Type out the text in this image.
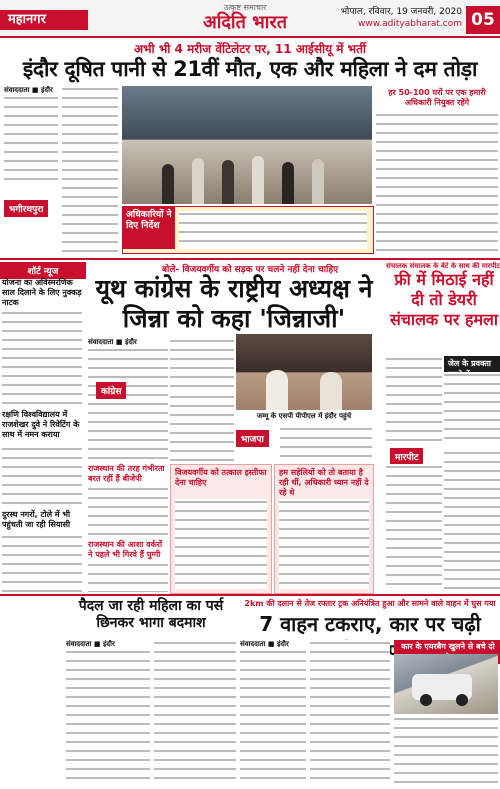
महानगर
उत्कृष्ट समाचार
अदिति भारत	भोपाल, रविवार, 19 जनवरी, 2020
www.adityabharat.com 05
अभी भी 4 मरीज वेंटिलेटर पर, 11 आईसीयू में भर्ती
इंदौर दूषित पानी से 21वीं मौत, एक और महिला ने दम तोड़ा
संवाददाता ■ इंदौर
भगीरथपुरा	अधिकारियों ने दिए निर्देश
हर 50-100 घरों पर एक हमारी अधिकारी नियुक्त रहेंगे
शॉर्ट न्यूज
योजना का अविस्मरणिक साल दिलाने के लिए नुक्कड़ नाटक
रक्षणि विश्वविद्यालय में राजशेखर दुवे ने रिवेटिंग के साथ में नमन कराया
दुरस्थ नगरों, टोले में भी पहुंचती जा रही सियासी
बोले- विजयवर्गीय को सड़क पर चलने नहीं देना चाहिए
यूथ कांग्रेस के राष्ट्रीय अध्यक्ष ने जिन्ना को कहा 'जिन्नाजी'
संवाददाता ■ इंदौर
कांग्रेस
जम्मू के एसपी पीपीएल में इंदौर पहुंचे
राजस्थान की तरह गंभीरता बरत रहीं हैं बीजेपी
राजस्थान की आशा वर्करों ने पहले भी गिरवे हैं घुग्गी
विजयवर्गीय को तत्काल इस्तीफा देना चाहिए
हम सहेलियों को तो बताया है रही थीं, अधिकारी ध्यान नहीं दे रहे थे
भाजपा
संचालक संचालक के बेटे के साथ की मारपीट
फ्री में मिठाई नहीं दी तो डेयरी संचालक पर हमला
जेल के प्रवक्ता
मारपीट
पैदल जा रही महिला का पर्स छिनकर भागा बदमाश
संवाददाता ■ इंदौर
2km की दलान से तेज रफ्तार ट्रक अनियंत्रित हुआ और सामने वाले वाहन में घुस गया
7 वाहन टकराए, कार पर चढ़ी
संवाददाता ■ इंदौर	कार के एयरबैग खुलने से बचे दो
